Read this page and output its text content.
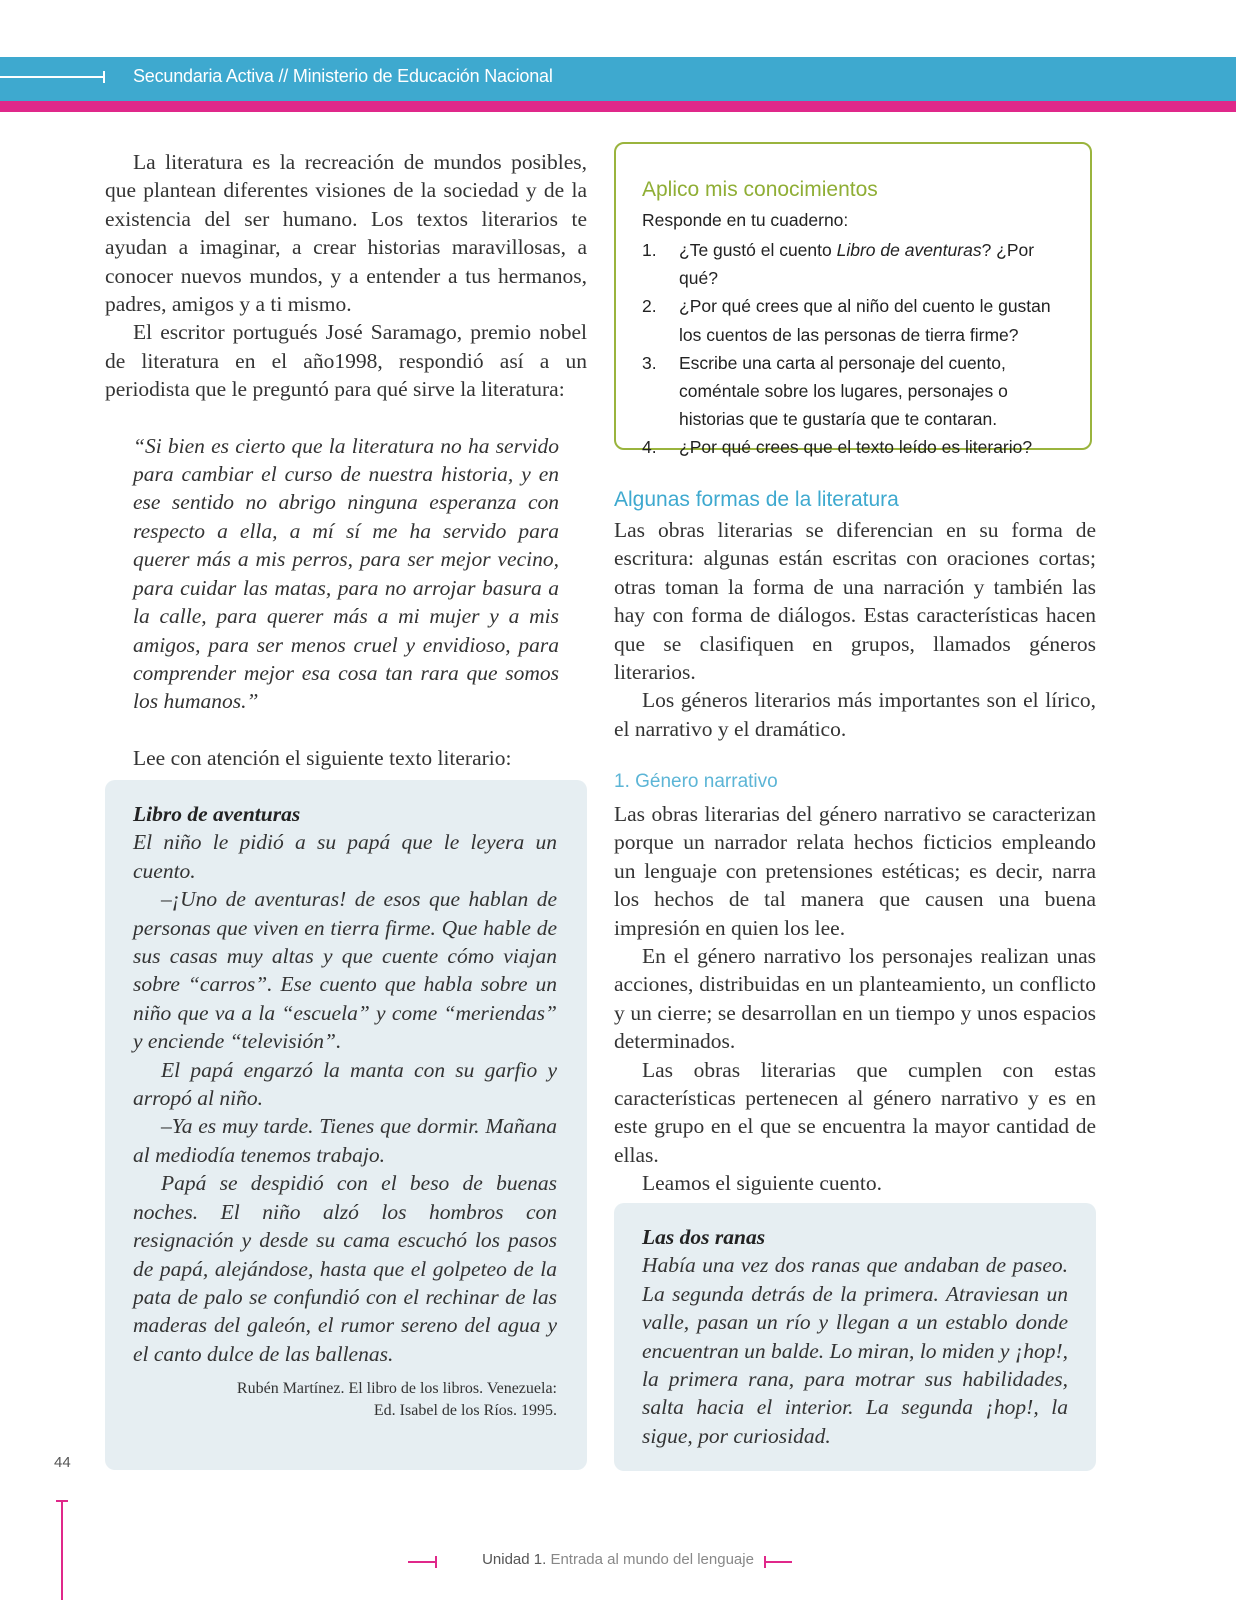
Secundaria Activa // Ministerio de Educación Nacional

La literatura es la recreación de mundos posibles, que plantean diferentes visiones de la sociedad y de la existencia del ser humano. Los textos literarios te ayudan a imaginar, a crear historias maravillosas, a conocer nuevos mundos, y a entender a tus hermanos, padres, amigos y a ti mismo.

El escritor portugués José Saramago, premio nobel de literatura en el año1998, respondió así a un periodista que le preguntó para qué sirve la literatura:

“Si bien es cierto que la literatura no ha servido para cambiar el curso de nuestra historia, y en ese sentido no abrigo ninguna esperanza con respecto a ella, a mí sí me ha servido para querer más a mis perros, para ser mejor vecino, para cuidar las matas, para no arrojar basura a la calle, para querer más a mi mujer y a mis amigos, para ser menos cruel y envidioso, para comprender mejor esa cosa tan rara que somos los humanos.”
Lee con atención el siguiente texto literario:
Libro de aventuras

El niño le pidió a su papá que le leyera un cuento.

–¡Uno de aventuras! de esos que hablan de personas que viven en tierra firme. Que hable de sus casas muy altas y que cuente cómo viajan sobre “carros”. Ese cuento que habla sobre un niño que va a la “escuela” y come “meriendas” y enciende “televisión”.

El papá engarzó la manta con su garfio y arropó al niño.

–Ya es muy tarde. Tienes que dormir. Mañana al mediodía tenemos trabajo.

Papá se despidió con el beso de buenas noches. El niño alzó los hombros con resignación y desde su cama escuchó los pasos de papá, alejándose, hasta que el golpeteo de la pata de palo se confundió con el rechinar de las maderas del galeón, el rumor sereno del agua y el canto dulce de las ballenas.

Rubén Martínez. El libro de los libros. Venezuela:
Ed. Isabel de los Ríos. 1995.
Aplico mis conocimientos
Responde en tu cuaderno:
1.	¿Te gustó el cuento Libro de aventuras? ¿Por qué?
2.	¿Por qué crees que al niño del cuento le gustan los cuentos de las personas de tierra firme?
3.	Escribe una carta al personaje del cuento, coméntale sobre los lugares, personajes o historias que te gustaría que te contaran.
4.	¿Por qué crees que el texto leído es literario?
Algunas formas de la literatura

Las obras literarias se diferencian en su forma de escritura: algunas están escritas con oraciones cortas; otras toman la forma de una narración y también las hay con forma de diálogos. Estas características hacen que se clasifiquen en grupos, llamados géneros literarios.

Los géneros literarios más importantes son el lírico, el narrativo y el dramático.

1. Género narrativo

Las obras literarias del género narrativo se caracterizan porque un narrador relata hechos ficticios empleando un lenguaje con pretensiones estéticas; es decir, narra los hechos de tal manera que causen una buena impresión en quien los lee.

En el género narrativo los personajes realizan unas acciones, distribuidas en un planteamiento, un conflicto y un cierre; se desarrollan en un tiempo y unos espacios determinados.

Las obras literarias que cumplen con estas características pertenecen al género narrativo y es en este grupo en el que se encuentra la mayor cantidad de ellas.

Leamos el siguiente cuento.

Las dos ranas

Había una vez dos ranas que andaban de paseo. La segunda detrás de la primera. Atraviesan un valle, pasan un río y llegan a un establo donde encuentran un balde. Lo miran, lo miden y ¡hop!, la primera rana, para motrar sus habilidades, salta hacia el interior. La segunda ¡hop!, la sigue, por curiosidad.

44
Unidad 1. Entrada al mundo del lenguaje
